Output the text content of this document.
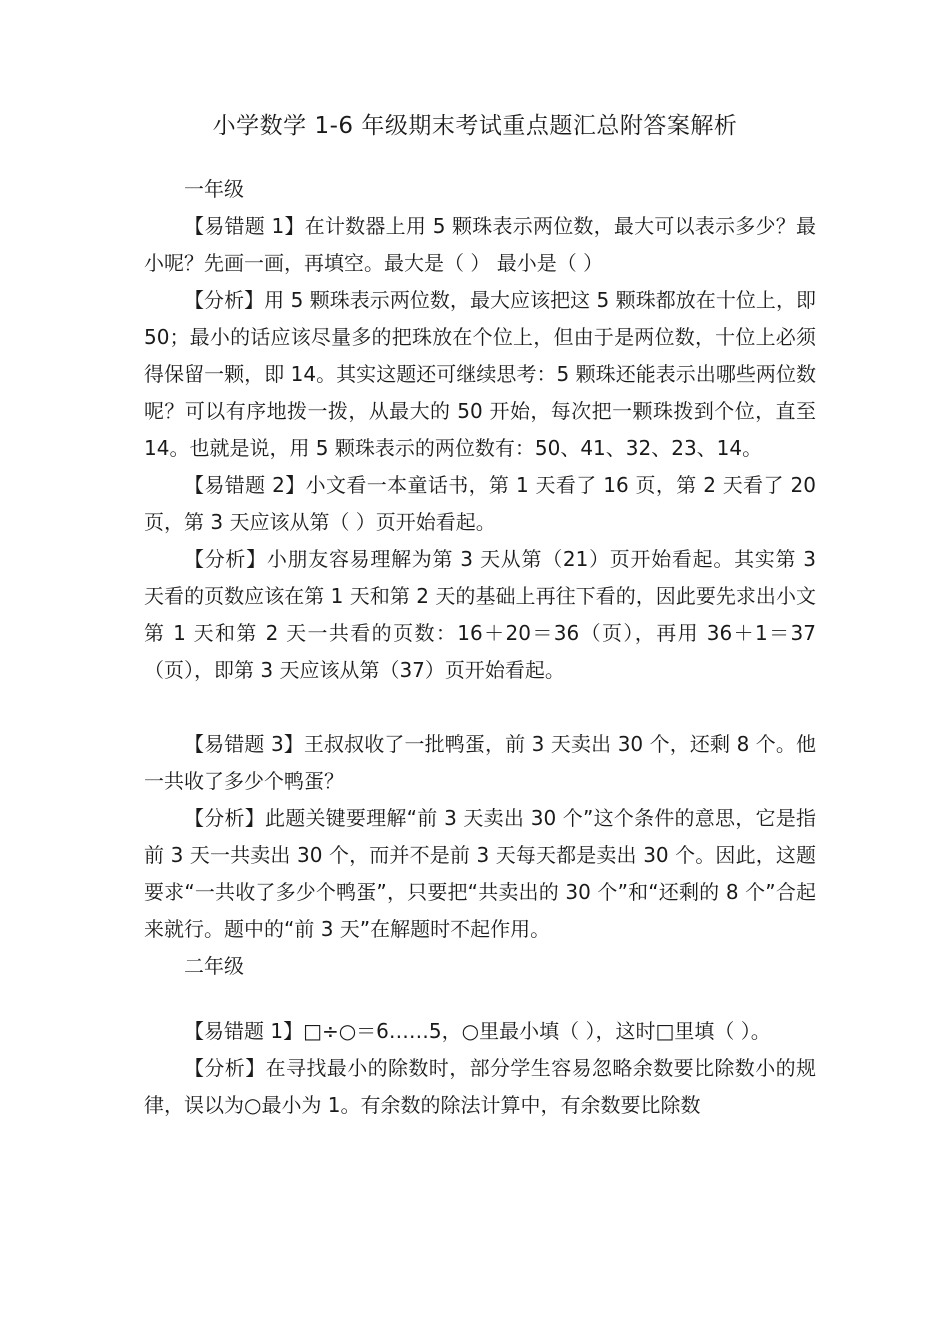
小学数学 1-6 年级期末考试重点题汇总附答案解析
一年级

【易错题 1】在计数器上用 5 颗珠表示两位数，最大可以表示多少？最小呢？先画一画，再填空。最大是（ ） 最小是（ ）

【分析】用 5 颗珠表示两位数，最大应该把这 5 颗珠都放在十位上，即 50；最小的话应该尽量多的把珠放在个位上，但由于是两位数，十位上必须得保留一颗，即 14。其实这题还可继续思考：5 颗珠还能表示出哪些两位数呢？可以有序地拨一拨，从最大的 50 开始，每次把一颗珠拨到个位，直至 14。也就是说，用 5 颗珠表示的两位数有：50、41、32、23、14。

【易错题 2】小文看一本童话书，第 1 天看了 16 页，第 2 天看了 20 页，第 3 天应该从第（ ）页开始看起。

【分析】小朋友容易理解为第 3 天从第（21）页开始看起。其实第 3 天看的页数应该在第 1 天和第 2 天的基础上再往下看的，因此要先求出小文第 1 天和第 2 天一共看的页数：16＋20＝36（页），再用 36＋1＝37（页），即第 3 天应该从第（37）页开始看起。

【易错题 3】王叔叔收了一批鸭蛋，前 3 天卖出 30 个，还剩 8 个。他一共收了多少个鸭蛋？

【分析】此题关键要理解“前 3 天卖出 30 个”这个条件的意思，它是指前 3 天一共卖出 30 个，而并不是前 3 天每天都是卖出 30 个。因此，这题要求“一共收了多少个鸭蛋”，只要把“共卖出的 30 个”和“还剩的 8 个”合起来就行。题中的“前 3 天”在解题时不起作用。

二年级

【易错题 1】□÷○＝6……5，○里最小填（ ），这时□里填（ ）。

【分析】在寻找最小的除数时，部分学生容易忽略余数要比除数小的规律，误以为○最小为 1。有余数的除法计算中，有余数要比除数
